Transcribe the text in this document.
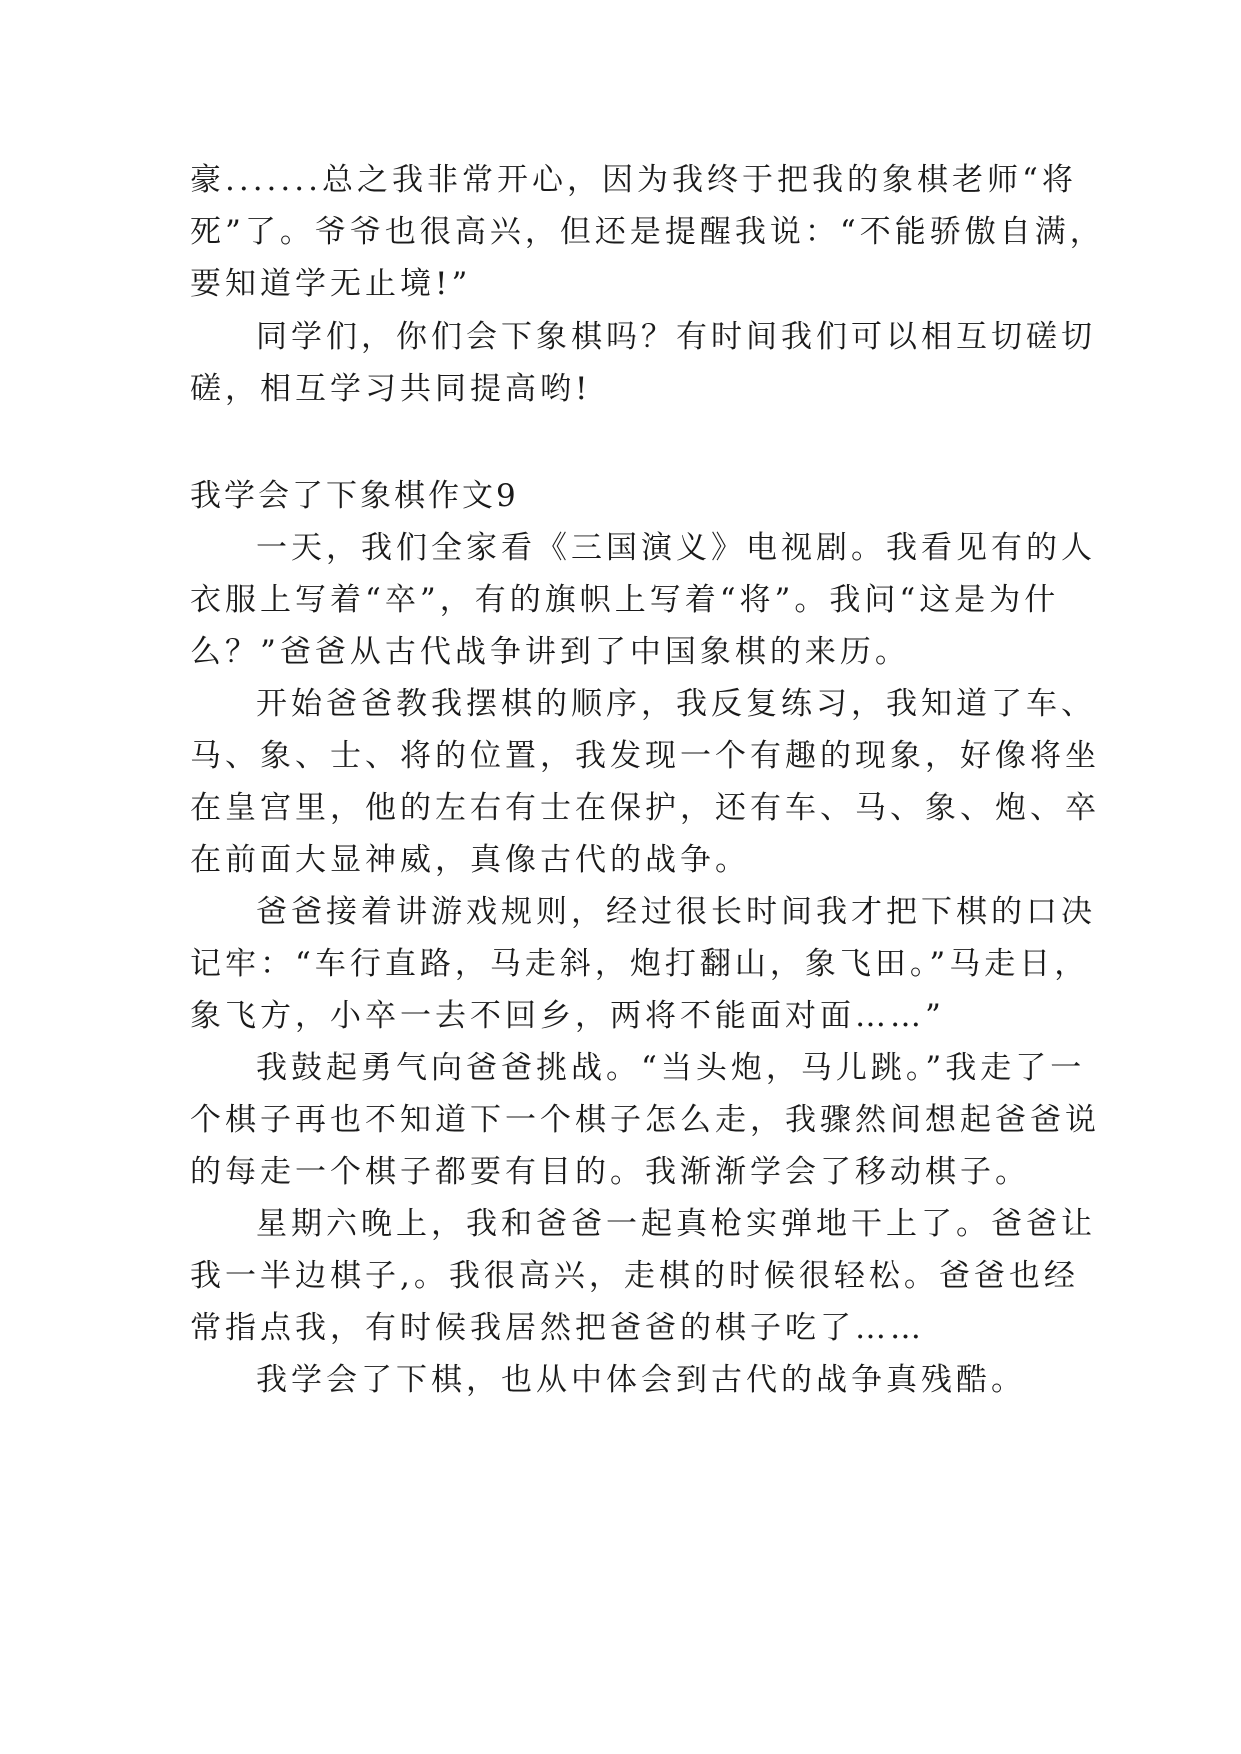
豪.......总之我非常开心，因为我终于把我的象棋老师“将
死”了。爷爷也很高兴，但还是提醒我说：“不能骄傲自满，
要知道学无止境!”
同学们，你们会下象棋吗？有时间我们可以相互切磋切
磋，相互学习共同提高哟!
我学会了下象棋作文9
一天，我们全家看《三国演义》电视剧。我看见有的人
衣服上写着“卒”，有的旗帜上写着“将”。我问“这是为什
么？”爸爸从古代战争讲到了中国象棋的来历。
开始爸爸教我摆棋的顺序，我反复练习，我知道了车、
马、象、士、将的位置，我发现一个有趣的现象，好像将坐
在皇宫里，他的左右有士在保护，还有车、马、象、炮、卒
在前面大显神威，真像古代的战争。
爸爸接着讲游戏规则，经过很长时间我才把下棋的口决
记牢：“车行直路，马走斜，炮打翻山，象飞田。”马走日，
象飞方，小卒一去不回乡，两将不能面对面……”
我鼓起勇气向爸爸挑战。“当头炮，马儿跳。”我走了一
个棋子再也不知道下一个棋子怎么走，我骤然间想起爸爸说
的每走一个棋子都要有目的。我渐渐学会了移动棋子。
星期六晚上，我和爸爸一起真枪实弹地干上了。爸爸让
我一半边棋子,。我很高兴，走棋的时候很轻松。爸爸也经
常指点我，有时候我居然把爸爸的棋子吃了……
我学会了下棋，也从中体会到古代的战争真残酷。
